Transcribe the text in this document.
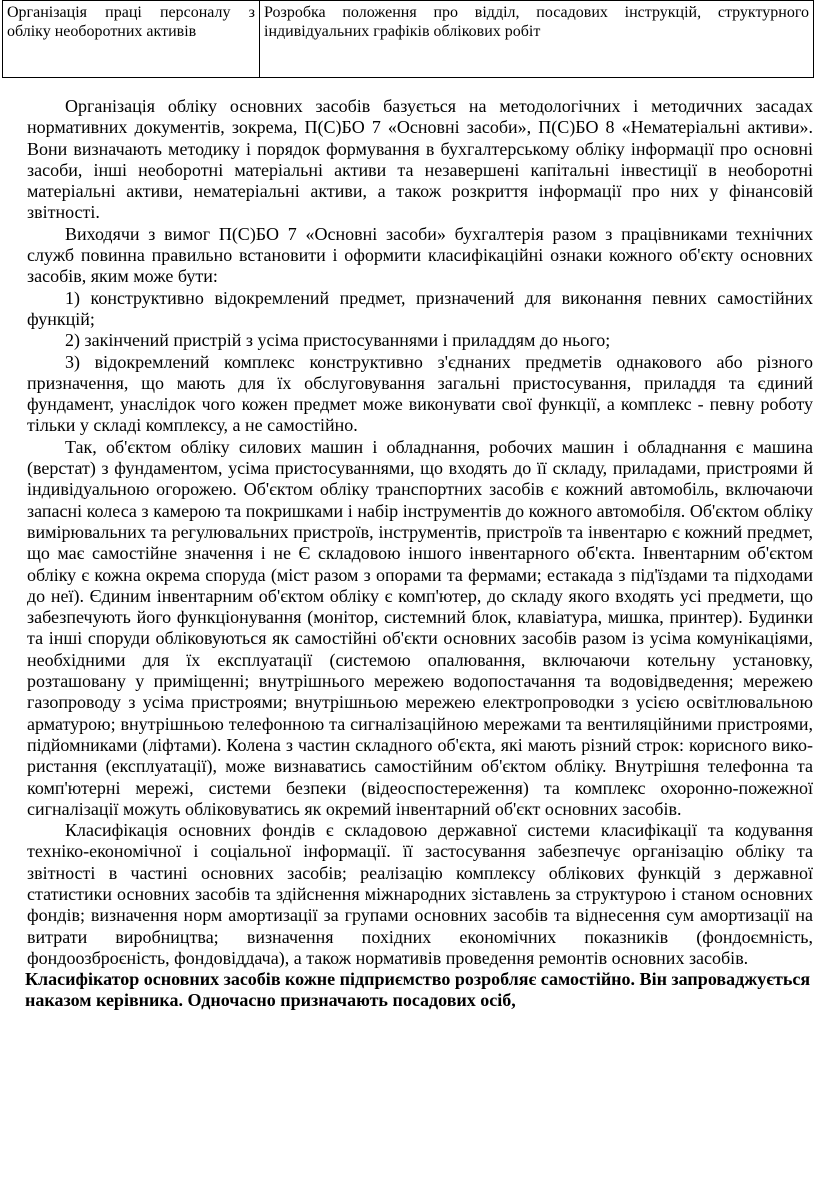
Організація праці персоналу з обліку необоротних активів	Розробка положення про відділ, посадових інструкцій, структурного індивідуальних графіків облікових робіт

Організація обліку основних засобів базується на методологічних і методичних засадах нормативних документів, зокрема, П(С)БО 7 «Основні засоби», П(С)БО 8 «Нематеріальні активи». Вони визначають методику і порядок формування в бухгалтерському обліку інформації про основні засоби, інші необоротні матеріальні активи та незавершені капітальні інвестиції в необоротні матеріальні активи, нематеріальні активи, а також розкриття інформації про них у фінансовій звітності.

Виходячи з вимог П(С)БО 7 «Основні засоби» бухгалтерія разом з працівниками технічних служб повинна правильно встановити і оформити класифікаційні ознаки кожного об'єкту основних засобів, яким може бути:

1) конструктивно відокремлений предмет, призначений для виконання певних самостійних функцій;

2) закінчений пристрій з усіма пристосуваннями і приладдям до нього;

3) відокремлений комплекс конструктивно з'єднаних предметів однакового або різного призначення, що мають для їх обслуговування загальні пристосування, приладдя та єдиний фундамент, унаслідок чого кожен предмет може виконувати свої функції, а комплекс - певну роботу тільки у складі комплексу, а не самостійно.

Так, об'єктом обліку силових машин і обладнання, робочих машин і обладнання є машина (верстат) з фундаментом, усіма пристосуваннями, що входять до її складу, приладами, пристроями й індивідуальною огорожею. Об'єктом обліку транспортних засобів є кожний автомобіль, включаючи запасні колеса з камерою та покришками і набір інструментів до кожного автомобіля. Об'єктом обліку вимірювальних та регулювальних пристроїв, інструментів, пристроїв та інвентарю є кожний предмет, що має самостійне значення і не Є складовою іншого інвентарного об'єкта. Інвентарним об'єктом обліку є кожна окрема споруда (міст разом з опорами та фермами; естакада з під'їздами та підходами до неї). Єдиним інвентарним об'єктом обліку є комп'ютер, до складу якого входять усі предмети, що забезпечують його функціонування (монітор, системний блок, клавіатура, мишка, принтер). Будинки та інші споруди обліковуються як самостійні об'єкти основних засобів разом із усіма комунікаціями, необхідними для їх експлуатації (системою опалювання, включаючи котельну установку, розташовану у приміщенні; внутрішнього мережею водопостачання та водовідведення; мережею газопроводу з усіма пристроями; внутрішньою мережею електропроводки з усією освітлювальною арматурою; внутрішньою телефонною та сигналізаційною мережами та вентиляційними пристроями, підйомниками (ліфтами). Колена з частин складного об'єкта, які мають різний строк: корисного використання (експлуатації), може визнаватись самостійним об'єктом обліку. Внутрішня телефонна та комп'ютерні мережі, системи безпеки (відеоспостереження) та комплекс охоронно-пожежної сигналізації можуть обліковуватись як окремий інвентарний об'єкт основних засобів.

Класифікація основних фондів є складовою державної системи класифікації та кодування техніко-економічної і соціальної інформації. її застосування забезпечує організацію обліку та звітності в частині основних засобів; реалізацію комплексу облікових функцій з державної статистики основних засобів та здійснення міжнародних зіставлень за структурою і станом основних фондів; визначення норм амортизації за групами основних засобів та віднесення сум амортизації на витрати виробництва; визначення похідних економічних показників (фондоємність, фондоозброєність, фондовіддача), а також нормативів проведення ремонтів основних засобів.

Класифікатор основних засобів кожне підприємство розробляє самостійно. Він запроваджується наказом керівника. Одночасно призначають посадових осіб,
